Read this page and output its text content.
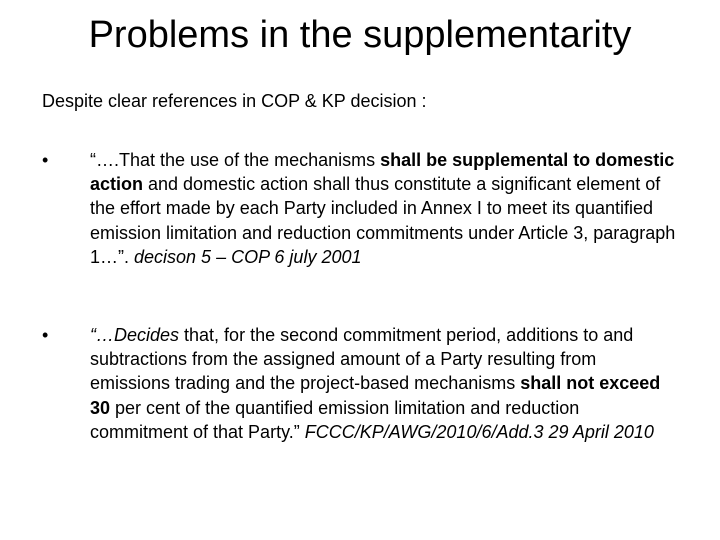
Problems in the supplementarity

Despite clear references in COP & KP decision :

• “….That the use of the mechanisms shall be supplemental to domestic action and domestic action shall thus constitute a significant element of the effort made by each Party included in Annex I to meet its quantified emission limitation and reduction commitments under Article 3, paragraph 1…”. decison 5 – COP 6 july 2001

• “…Decides that, for the second commitment period, additions to and subtractions from the assigned amount of a Party resulting from emissions trading and the project-based mechanisms shall not exceed 30 per cent of the quantified emission limitation and reduction commitment of that Party.” FCCC/KP/AWG/2010/6/Add.3 29 April 2010
